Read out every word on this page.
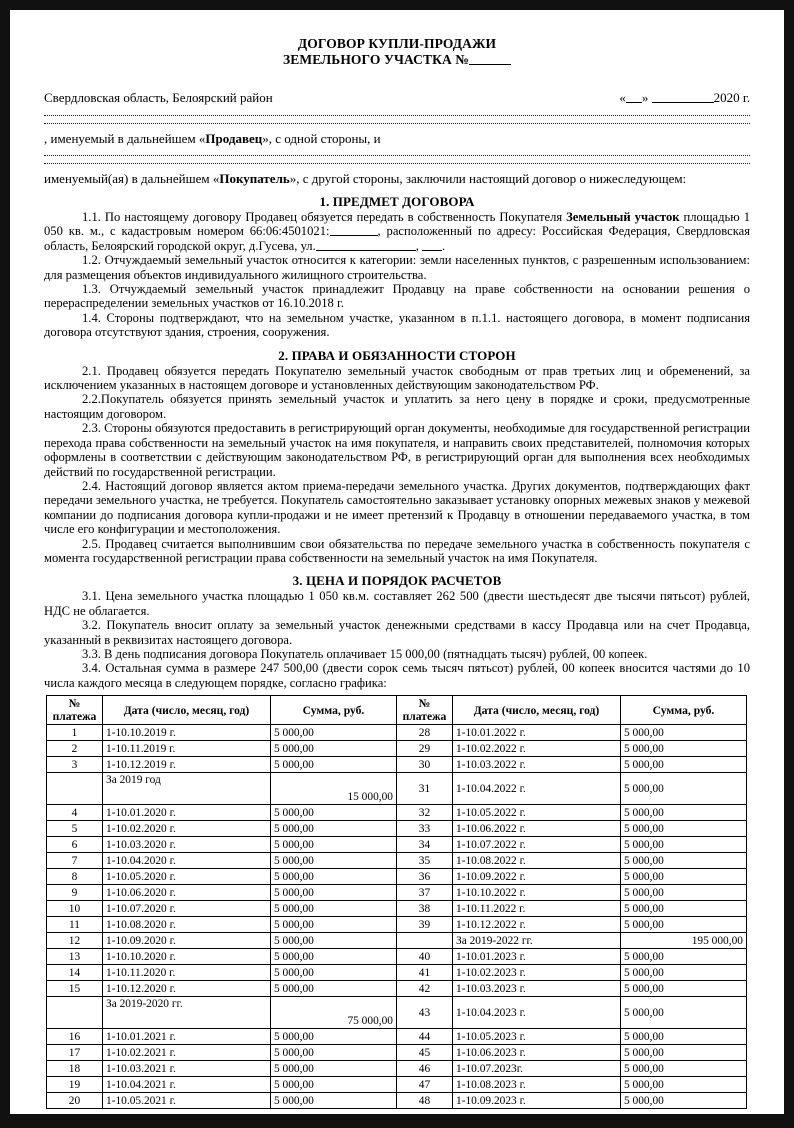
ДОГОВОР КУПЛИ-ПРОДАЖИ
ЗЕМЕЛЬНОГО УЧАСТКА №
Свердловская область, Белоярский район	« »	2020 г.
, именуемый в дальнейшем «Продавец», с одной стороны, и
именуемый(ая) в дальнейшем «Покупатель», с другой стороны, заключили настоящий договор о нижеследующем:
1. ПРЕДМЕТ ДОГОВОРА

1.1. По настоящему договору Продавец обязуется передать в собственность Покупателя Земельный участок площадью 1 050 кв. м., с кадастровым номером 66:06:4501021:	, расположенный по адресу: Российская Федерация, Свердловская область, Белоярский городской округ, д.Гусева, ул.	, .

1.2. Отчуждаемый земельный участок относится к категории: земли населенных пунктов, с разрешенным использованием: для размещения объектов индивидуального жилищного строительства.

1.3. Отчуждаемый земельный участок принадлежит Продавцу на праве собственности на основании решения о перераспределении земельных участков от 16.10.2018 г.

1.4. Стороны подтверждают, что на земельном участке, указанном в п.1.1. настоящего договора, в момент подписания договора отсутствуют здания, строения, сооружения.

2. ПРАВА И ОБЯЗАННОСТИ СТОРОН

2.1. Продавец обязуется передать Покупателю земельный участок свободным от прав третьих лиц и обременений, за исключением указанных в настоящем договоре и установленных действующим законодательством РФ.

2.2.Покупатель обязуется принять земельный участок и уплатить за него цену в порядке и сроки, предусмотренные настоящим договором.

2.3. Стороны обязуются предоставить в регистрирующий орган документы, необходимые для государственной регистрации перехода права собственности на земельный участок на имя покупателя, и направить своих представителей, полномочия которых оформлены в соответствии с действующим законодательством РФ, в регистрирующий орган для выполнения всех необходимых действий по государственной регистрации.

2.4. Настоящий договор является актом приема-передачи земельного участка. Других документов, подтверждающих факт передачи земельного участка, не требуется. Покупатель самостоятельно заказывает установку опорных межевых знаков у межевой компании до подписания договора купли-продажи и не имеет претензий к Продавцу в отношении передаваемого участка, в том числе его конфигурации и местоположения.

2.5. Продавец считается выполнившим свои обязательства по передаче земельного участка в собственность покупателя с момента государственной регистрации права собственности на земельный участок на имя Покупателя.

3. ЦЕНА И ПОРЯДОК РАСЧЕТОВ

3.1. Цена земельного участка площадью 1 050 кв.м. составляет 262 500 (двести шестьдесят две тысячи пятьсот) рублей, НДС не облагается.

3.2. Покупатель вносит оплату за земельный участок денежными средствами в кассу Продавца или на счет Продавца, указанный в реквизитах настоящего договора.

3.3. В день подписания договора Покупатель оплачивает 15 000,00 (пятнадцать тысяч) рублей, 00 копеек.

3.4. Остальная сумма в размере 247 500,00 (двести сорок семь тысяч пятьсот) рублей, 00 копеек вносится частями до 10 числа каждого месяца в следующем порядке, согласно графика:

№
платежа	Дата (число, месяц, год)	Сумма, руб.	№
платежа	Дата (число, месяц, год)	Сумма, руб.
1	1-10.10.2019 г.	5 000,00	28	1-10.01.2022 г.	5 000,00
2	1-10.11.2019 г.	5 000,00	29	1-10.02.2022 г.	5 000,00
3	1-10.12.2019 г.	5 000,00	30	1-10.03.2022 г.	5 000,00
	За 2019 год	15 000,00	31	1-10.04.2022 г.	5 000,00
4	1-10.01.2020 г.	5 000,00	32	1-10.05.2022 г.	5 000,00
5	1-10.02.2020 г.	5 000,00	33	1-10.06.2022 г.	5 000,00
6	1-10.03.2020 г.	5 000,00	34	1-10.07.2022 г.	5 000,00
7	1-10.04.2020 г.	5 000,00	35	1-10.08.2022 г.	5 000,00
8	1-10.05.2020 г.	5 000,00	36	1-10.09.2022 г.	5 000,00
9	1-10.06.2020 г.	5 000,00	37	1-10.10.2022 г.	5 000,00
10	1-10.07.2020 г.	5 000,00	38	1-10.11.2022 г.	5 000,00
11	1-10.08.2020 г.	5 000,00	39	1-10.12.2022 г.	5 000,00
12	1-10.09.2020 г.	5 000,00		За 2019-2022 гг.	195 000,00
13	1-10.10.2020 г.	5 000,00	40	1-10.01.2023 г.	5 000,00
14	1-10.11.2020 г.	5 000,00	41	1-10.02.2023 г.	5 000,00
15	1-10.12.2020 г.	5 000,00	42	1-10.03.2023 г.	5 000,00
	За 2019-2020 гг.	75 000,00	43	1-10.04.2023 г.	5 000,00
16	1-10.01.2021 г.	5 000,00	44	1-10.05.2023 г.	5 000,00
17	1-10.02.2021 г.	5 000,00	45	1-10.06.2023 г.	5 000,00
18	1-10.03.2021 г.	5 000,00	46	1-10.07.2023г.	5 000,00
19	1-10.04.2021 г.	5 000,00	47	1-10.08.2023 г.	5 000,00
20	1-10.05.2021 г.	5 000,00	48	1-10.09.2023 г.	5 000,00
